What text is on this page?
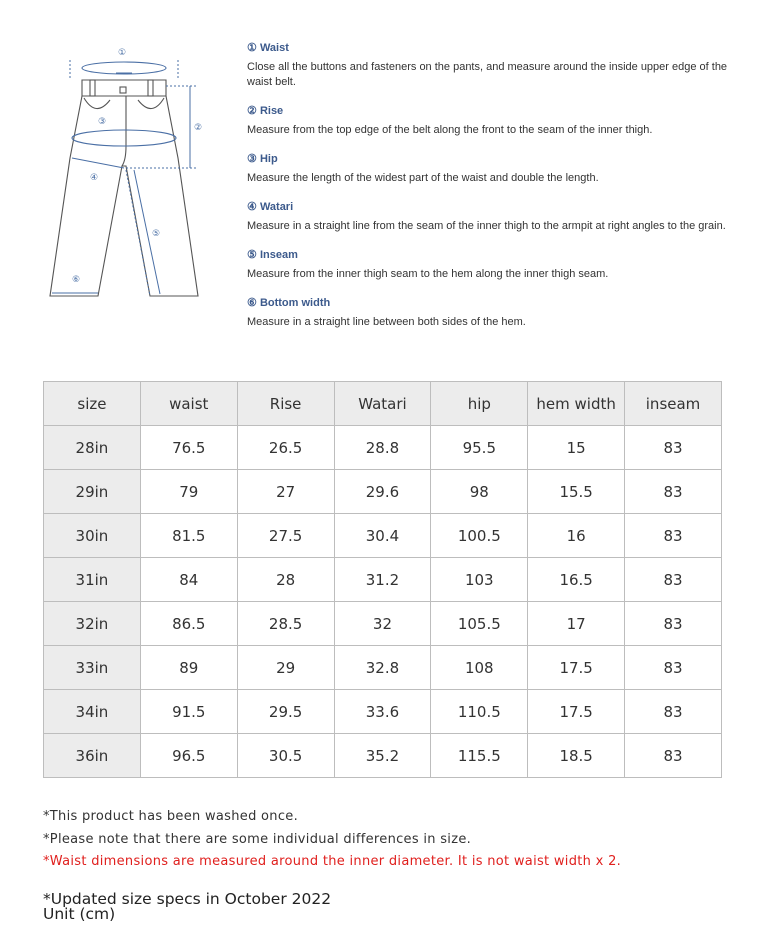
①
②
③
④
⑤
⑥
① Waist
Close all the buttons and fasteners on the pants, and measure around the inside upper edge of the waist belt.
② Rise
Measure from the top edge of the belt along the front to the seam of the inner thigh.
③ Hip
Measure the length of the widest part of the waist and double the length.
④ Watari
Measure in a straight line from the seam of the inner thigh to the armpit at right angles to the grain.
⑤ Inseam
Measure from the inner thigh seam to the hem along the inner thigh seam.
⑥ Bottom width
Measure in a straight line between both sides of the hem.
size	waist	Rise	Watari	hip	hem width	inseam
28in	76.5	26.5	28.8	95.5	15	83
29in	79	27	29.6	98	15.5	83
30in	81.5	27.5	30.4	100.5	16	83
31in	84	28	31.2	103	16.5	83
32in	86.5	28.5	32	105.5	17	83
33in	89	29	32.8	108	17.5	83
34in	91.5	29.5	33.6	110.5	17.5	83
36in	96.5	30.5	35.2	115.5	18.5	83
*This product has been washed once.
*Please note that there are some individual differences in size.
*Waist dimensions are measured around the inner diameter. It is not waist width x 2.
*Updated size specs in October 2022
Unit (cm)
